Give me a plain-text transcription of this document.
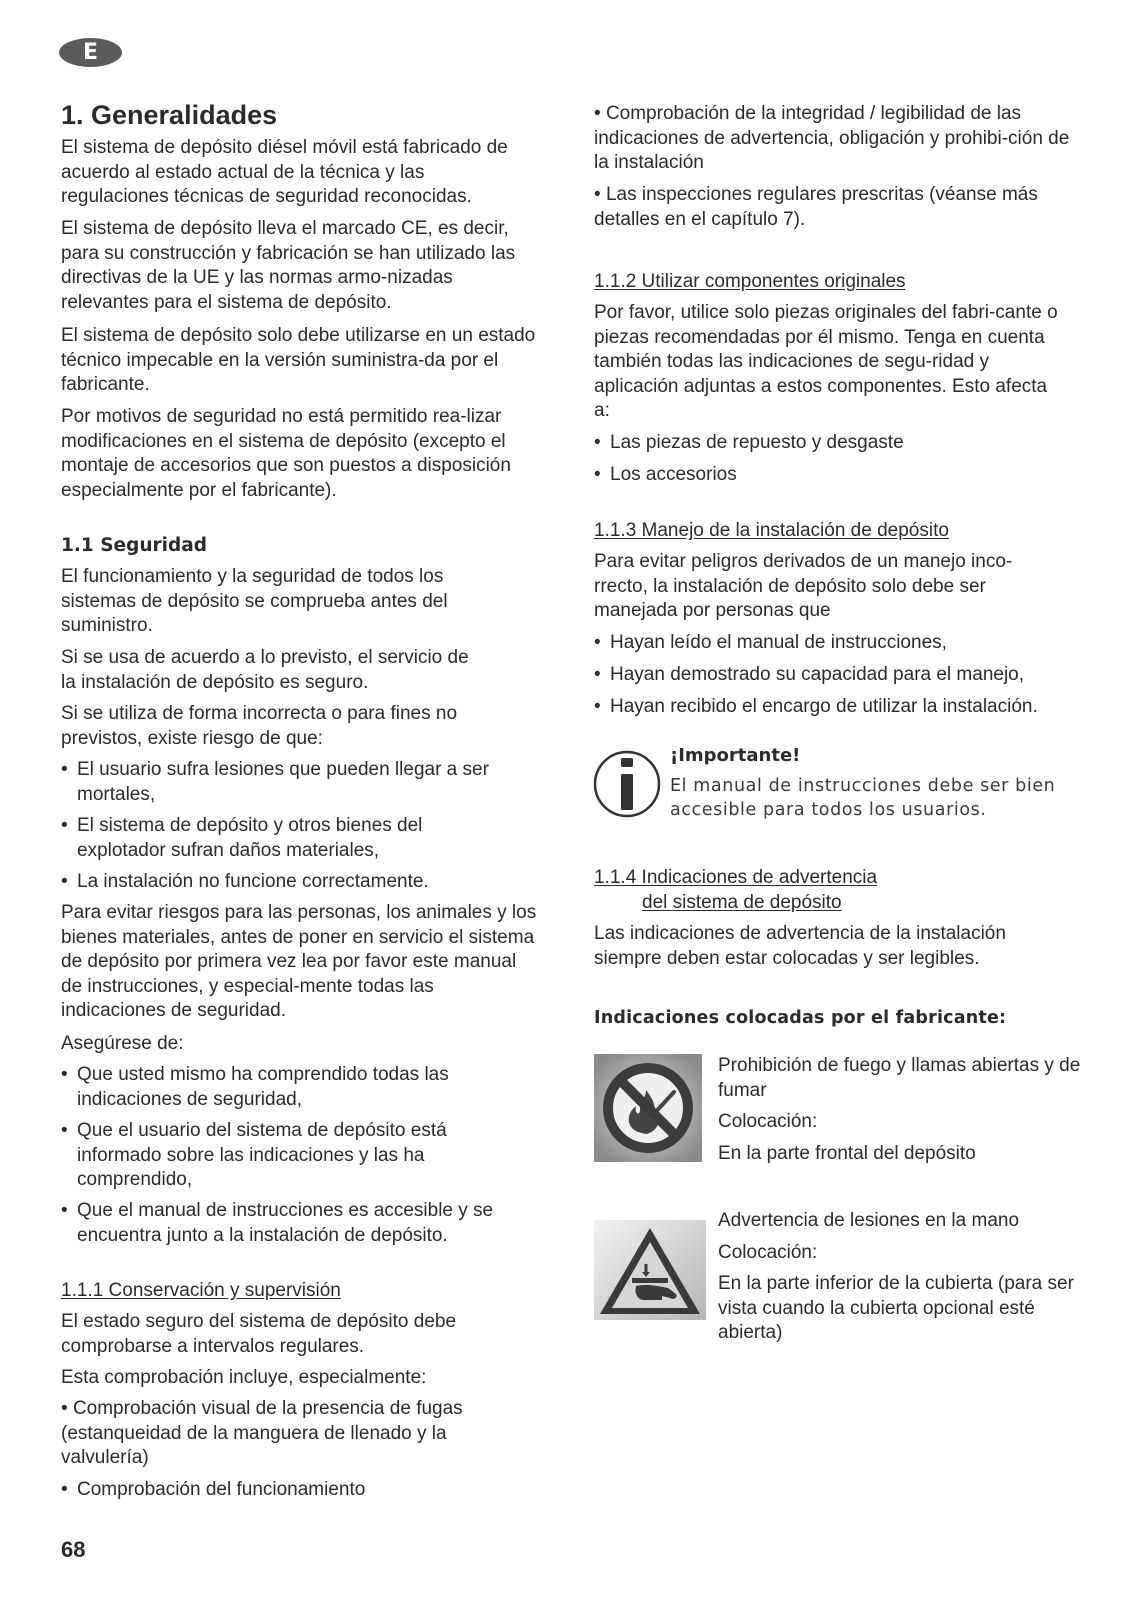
E
1. Generalidades

El sistema de depósito diésel móvil está fabricado de acuerdo al estado actual de la técnica y las regulaciones técnicas de seguridad reconocidas.

El sistema de depósito lleva el marcado CE, es decir, para su construcción y fabricación se han utilizado las directivas de la UE y las normas armo-nizadas relevantes para el sistema de depósito.

El sistema de depósito solo debe utilizarse en un estado técnico impecable en la versión suministra-da por el fabricante.

Por motivos de seguridad no está permitido rea-lizar modificaciones en el sistema de depósito (excepto el montaje de accesorios que son puestos a disposición especialmente por el fabricante).

1.1 Seguridad

El funcionamiento y la seguridad de todos los sistemas de depósito se comprueba antes del suministro.

Si se usa de acuerdo a lo previsto, el servicio de la instalación de depósito es seguro.

Si se utiliza de forma incorrecta o para fines no previstos, existe riesgo de que:

• El usuario sufra lesiones que pueden llegar a ser mortales,
• El sistema de depósito y otros bienes del explotador sufran daños materiales,
• La instalación no funcione correctamente.

Para evitar riesgos para las personas, los animales y los bienes materiales, antes de poner en servicio el sistema de depósito por primera vez lea por favor este manual de instrucciones, y especial-mente todas las indicaciones de seguridad.

Asegúrese de:

• Que usted mismo ha comprendido todas las indicaciones de seguridad,
• Que el usuario del sistema de depósito está informado sobre las indicaciones y las ha comprendido,
• Que el manual de instrucciones es accesible y se encuentra junto a la instalación de depósito.

1.1.1 Conservación y supervisión

El estado seguro del sistema de depósito debe comprobarse a intervalos regulares.

Esta comprobación incluye, especialmente:

• Comprobación visual de la presencia de fugas (estanqueidad de la manguera de llenado y la valvulería)

• Comprobación del funcionamiento

• Comprobación de la integridad / legibilidad de las indicaciones de advertencia, obligación y prohibi-ción de la instalación

• Las inspecciones regulares prescritas (véanse más detalles en el capítulo 7).

1.1.2 Utilizar componentes originales

Por favor, utilice solo piezas originales del fabri-cante o piezas recomendadas por él mismo. Tenga en cuenta también todas las indicaciones de segu-ridad y aplicación adjuntas a estos componentes. Esto afecta a:

• Las piezas de repuesto y desgaste
• Los accesorios

1.1.3 Manejo de la instalación de depósito

Para evitar peligros derivados de un manejo inco-rrecto, la instalación de depósito solo debe ser manejada por personas que

• Hayan leído el manual de instrucciones,
• Hayan demostrado su capacidad para el manejo,
• Hayan recibido el encargo de utilizar la instalación.

1.1.4 Indicaciones de advertencia
del sistema de depósito

Las indicaciones de advertencia de la instalación siempre deben estar colocadas y ser legibles.

¡Importante!
El manual de instrucciones debe ser bien accesible para todos los usuarios.
Indicaciones colocadas por el fabricante:

Prohibición de fuego y llamas abiertas y de fumar

Colocación:

En la parte frontal del depósito

Advertencia de lesiones en la mano

Colocación:

En la parte inferior de la cubierta (para ser vista cuando la cubierta opcional esté abierta)

68
